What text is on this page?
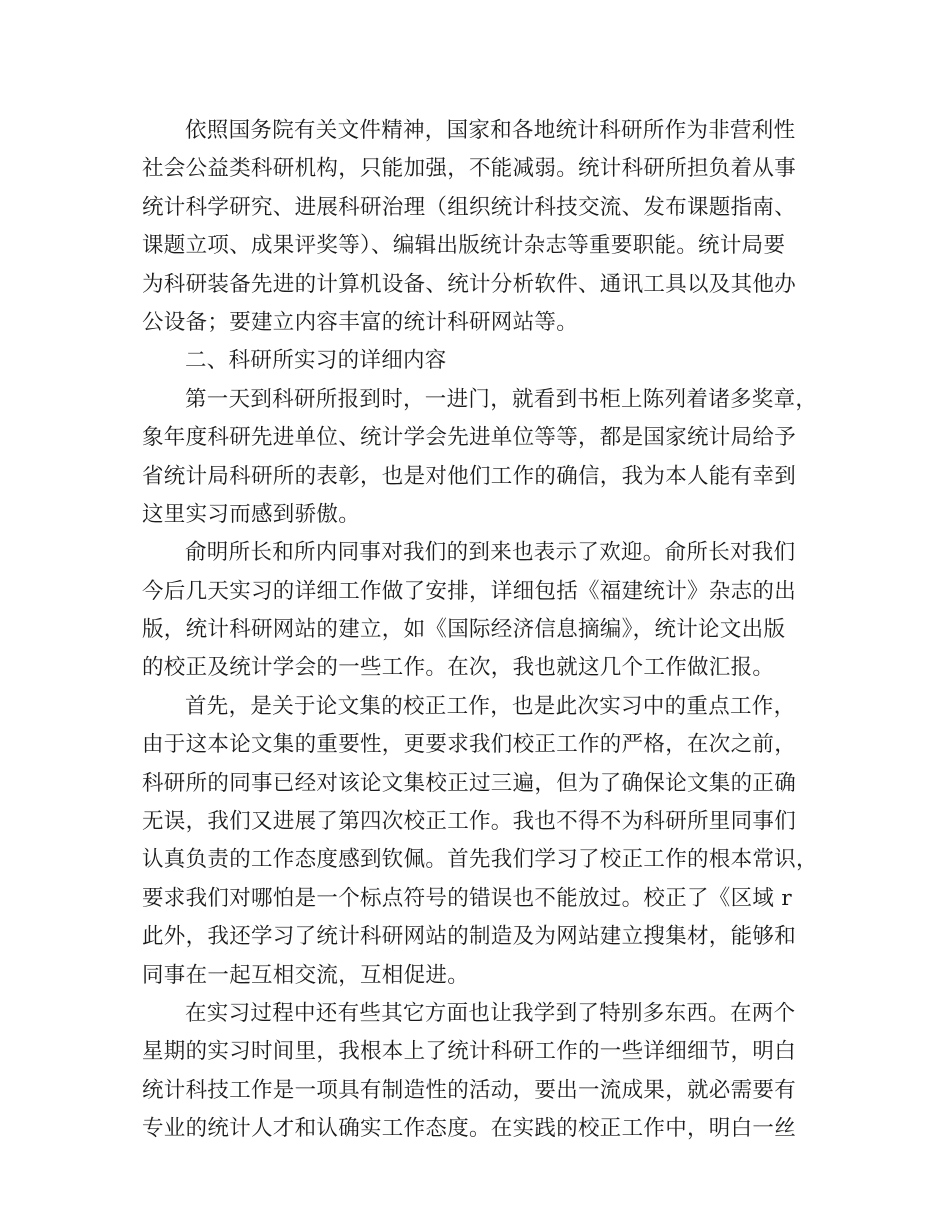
依照国务院有关文件精神，国家和各地统计科研所作为非营利性
社会公益类科研机构，只能加强，不能减弱。统计科研所担负着从事
统计科学研究、进展科研治理（组织统计科技交流、发布课题指南、
课题立项、成果评奖等）、编辑出版统计杂志等重要职能。统计局要
为科研装备先进的计算机设备、统计分析软件、通讯工具以及其他办
公设备；要建立内容丰富的统计科研网站等。
二、科研所实习的详细内容
第一天到科研所报到时，一进门，就看到书柜上陈列着诸多奖章，
象年度科研先进单位、统计学会先进单位等等，都是国家统计局给予
省统计局科研所的表彰，也是对他们工作的确信，我为本人能有幸到
这里实习而感到骄傲。
俞明所长和所内同事对我们的到来也表示了欢迎。俞所长对我们
今后几天实习的详细工作做了安排，详细包括《福建统计》杂志的出
版，统计科研网站的建立，如《国际经济信息摘编》，统计论文出版
的校正及统计学会的一些工作。在次，我也就这几个工作做汇报。
首先，是关于论文集的校正工作，也是此次实习中的重点工作，
由于这本论文集的重要性，更要求我们校正工作的严格，在次之前，
科研所的同事已经对该论文集校正过三遍，但为了确保论文集的正确
无误，我们又进展了第四次校正工作。我也不得不为科研所里同事们
认真负责的工作态度感到钦佩。首先我们学习了校正工作的根本常识，
要求我们对哪怕是一个标点符号的错误也不能放过。校正了《区域 r
此外，我还学习了统计科研网站的制造及为网站建立搜集材，能够和
同事在一起互相交流，互相促进。
在实习过程中还有些其它方面也让我学到了特别多东西。在两个
星期的实习时间里，我根本上了统计科研工作的一些详细细节，明白
统计科技工作是一项具有制造性的活动，要出一流成果，就必需要有
专业的统计人才和认确实工作态度。在实践的校正工作中，明白一丝
